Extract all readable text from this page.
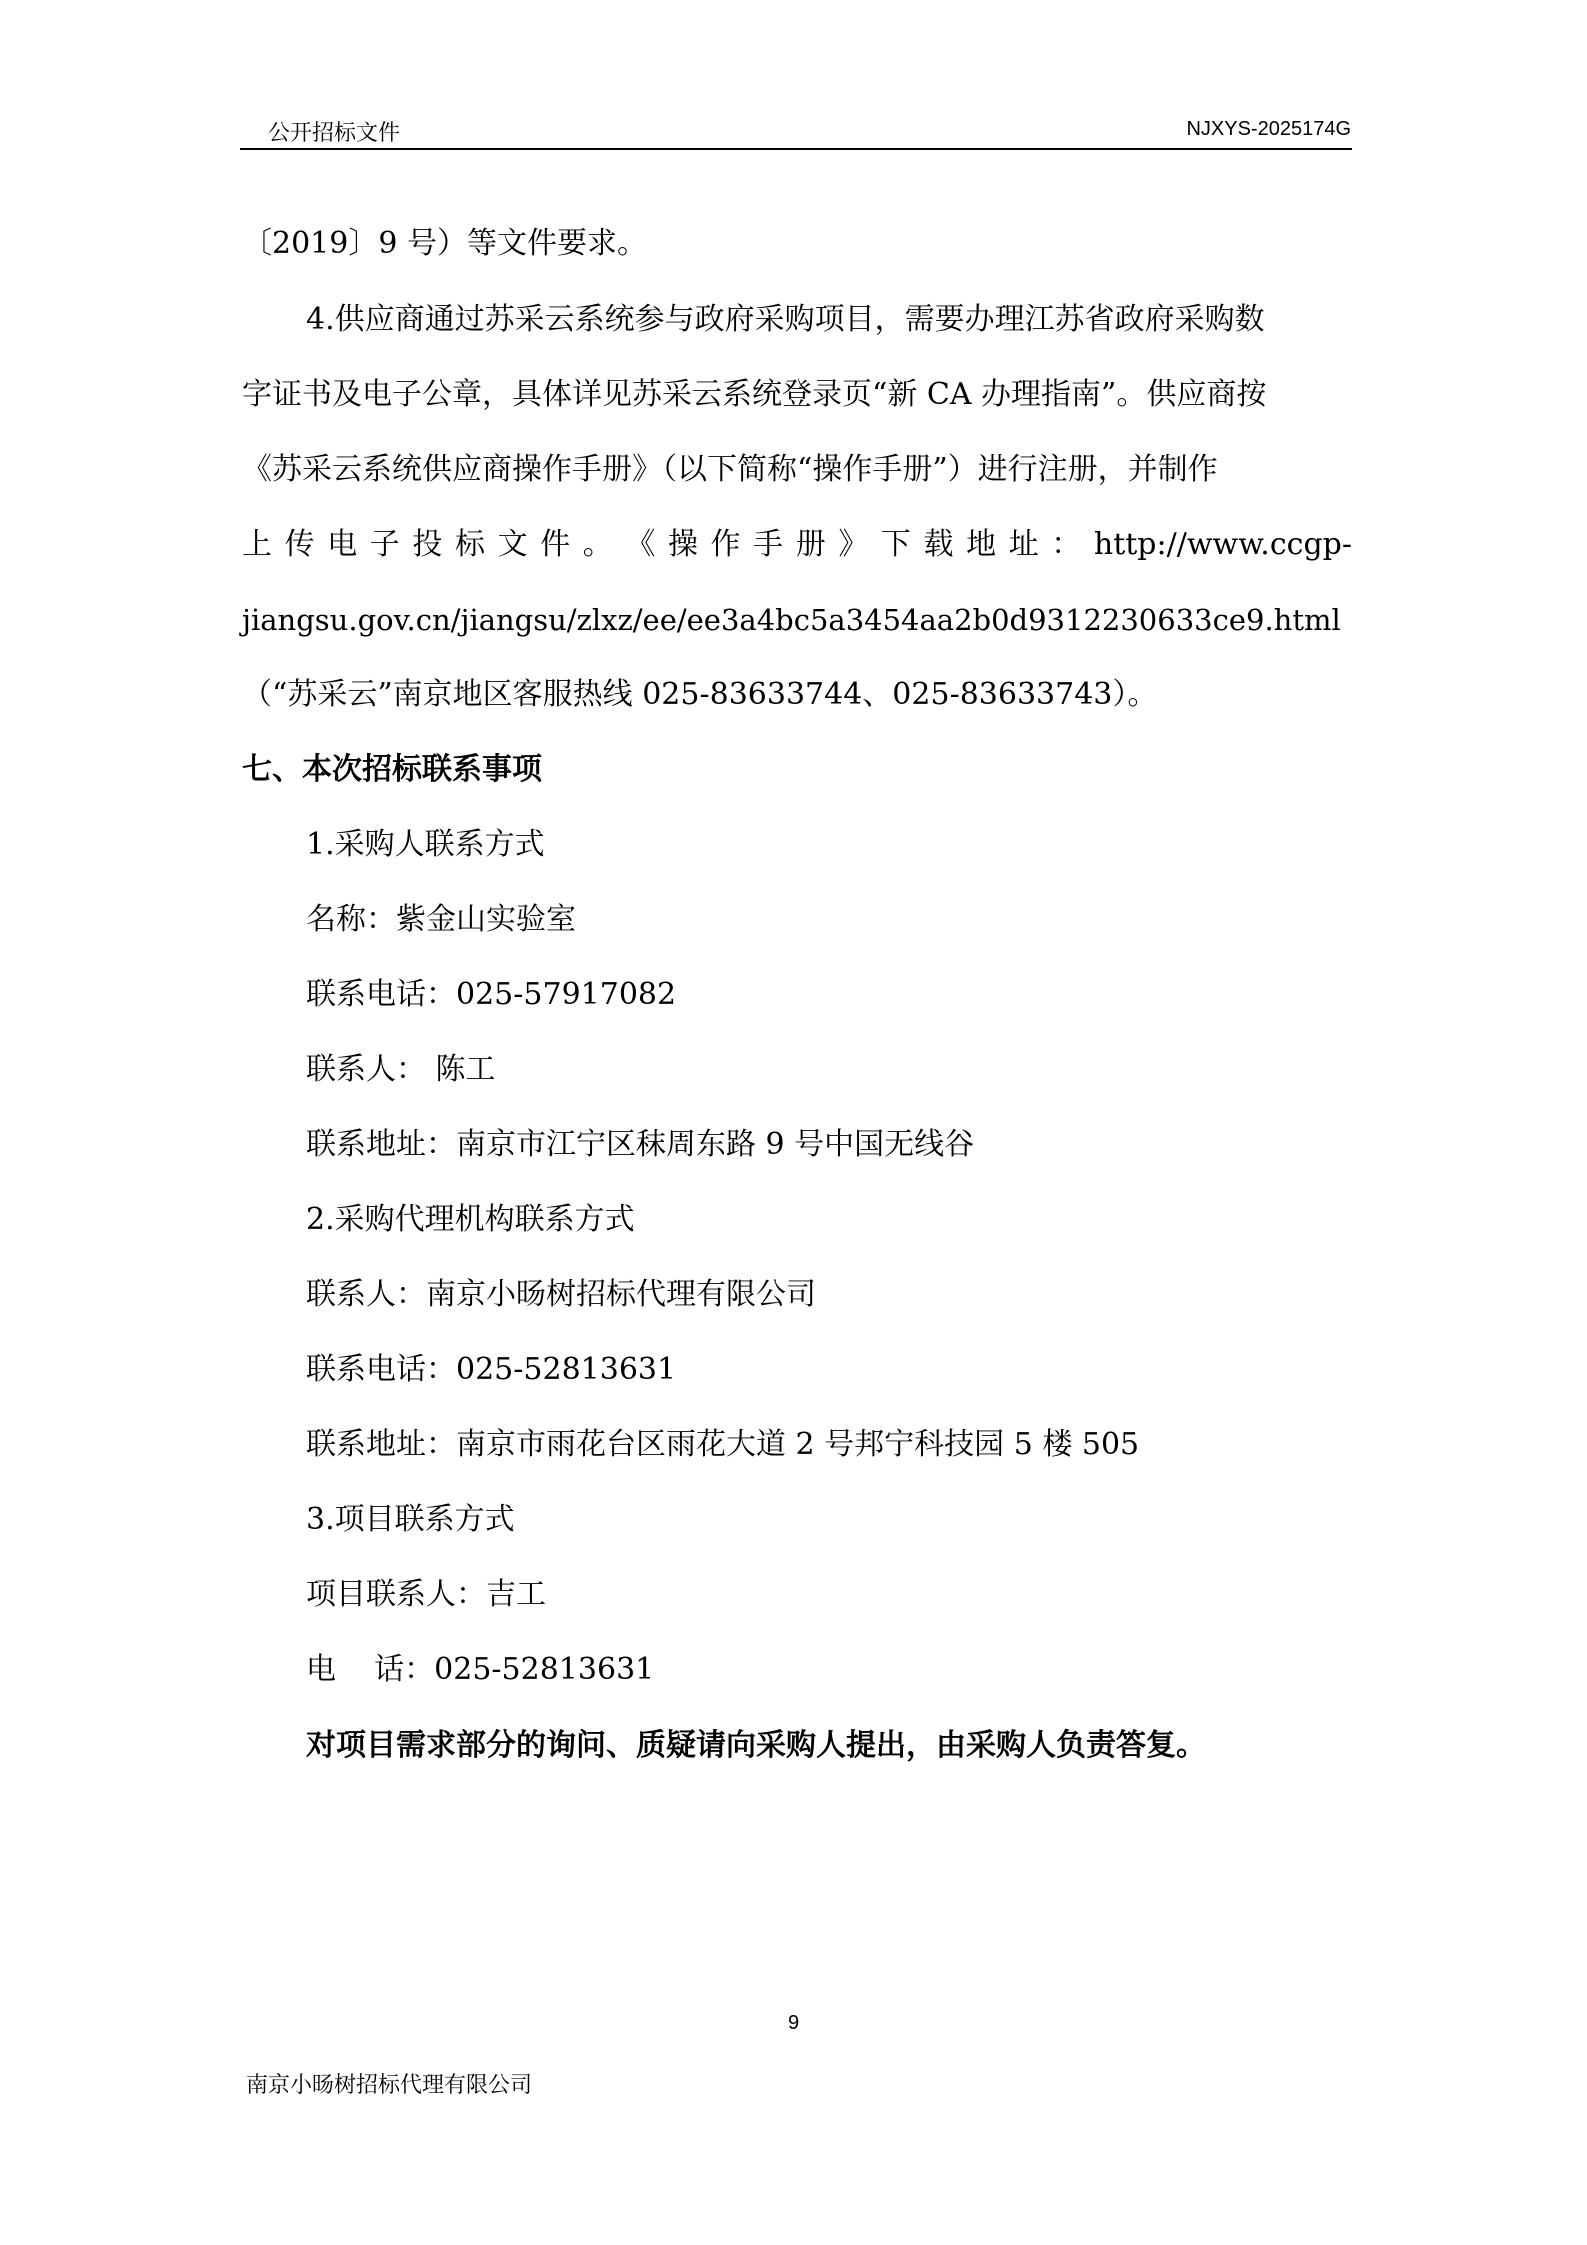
公开招标文件	NJXYS-2025174G
〔2019〕9 号）等文件要求。
4.供应商通过苏采云系统参与政府采购项目，需要办理江苏省政府采购数
字证书及电子公章，具体详见苏采云系统登录页“新 CA 办理指南”。供应商按
《苏采云系统供应商操作手册》（以下简称“操作手册”）进行注册，并制作
上 传 电 子 投 标 文 件 。 《 操 作 手 册 》 下 载 地 址 ： http://www.ccgp-
jiangsu.gov.cn/jiangsu/zlxz/ee/ee3a4bc5a3454aa2b0d9312230633ce9.html
（“苏采云”南京地区客服热线 025-83633744、025-83633743）。
七、本次招标联系事项
1.采购人联系方式
名称：紫金山实验室
联系电话：025-57917082
联系人： 陈工
联系地址：南京市江宁区秣周东路 9 号中国无线谷
2.采购代理机构联系方式
联系人：南京小旸树招标代理有限公司
联系电话：025-52813631
联系地址：南京市雨花台区雨花大道 2 号邦宁科技园 5 楼 505
3.项目联系方式
项目联系人：吉工
电    话：025-52813631
对项目需求部分的询问、质疑请向采购人提出，由采购人负责答复。
9
南京小旸树招标代理有限公司
